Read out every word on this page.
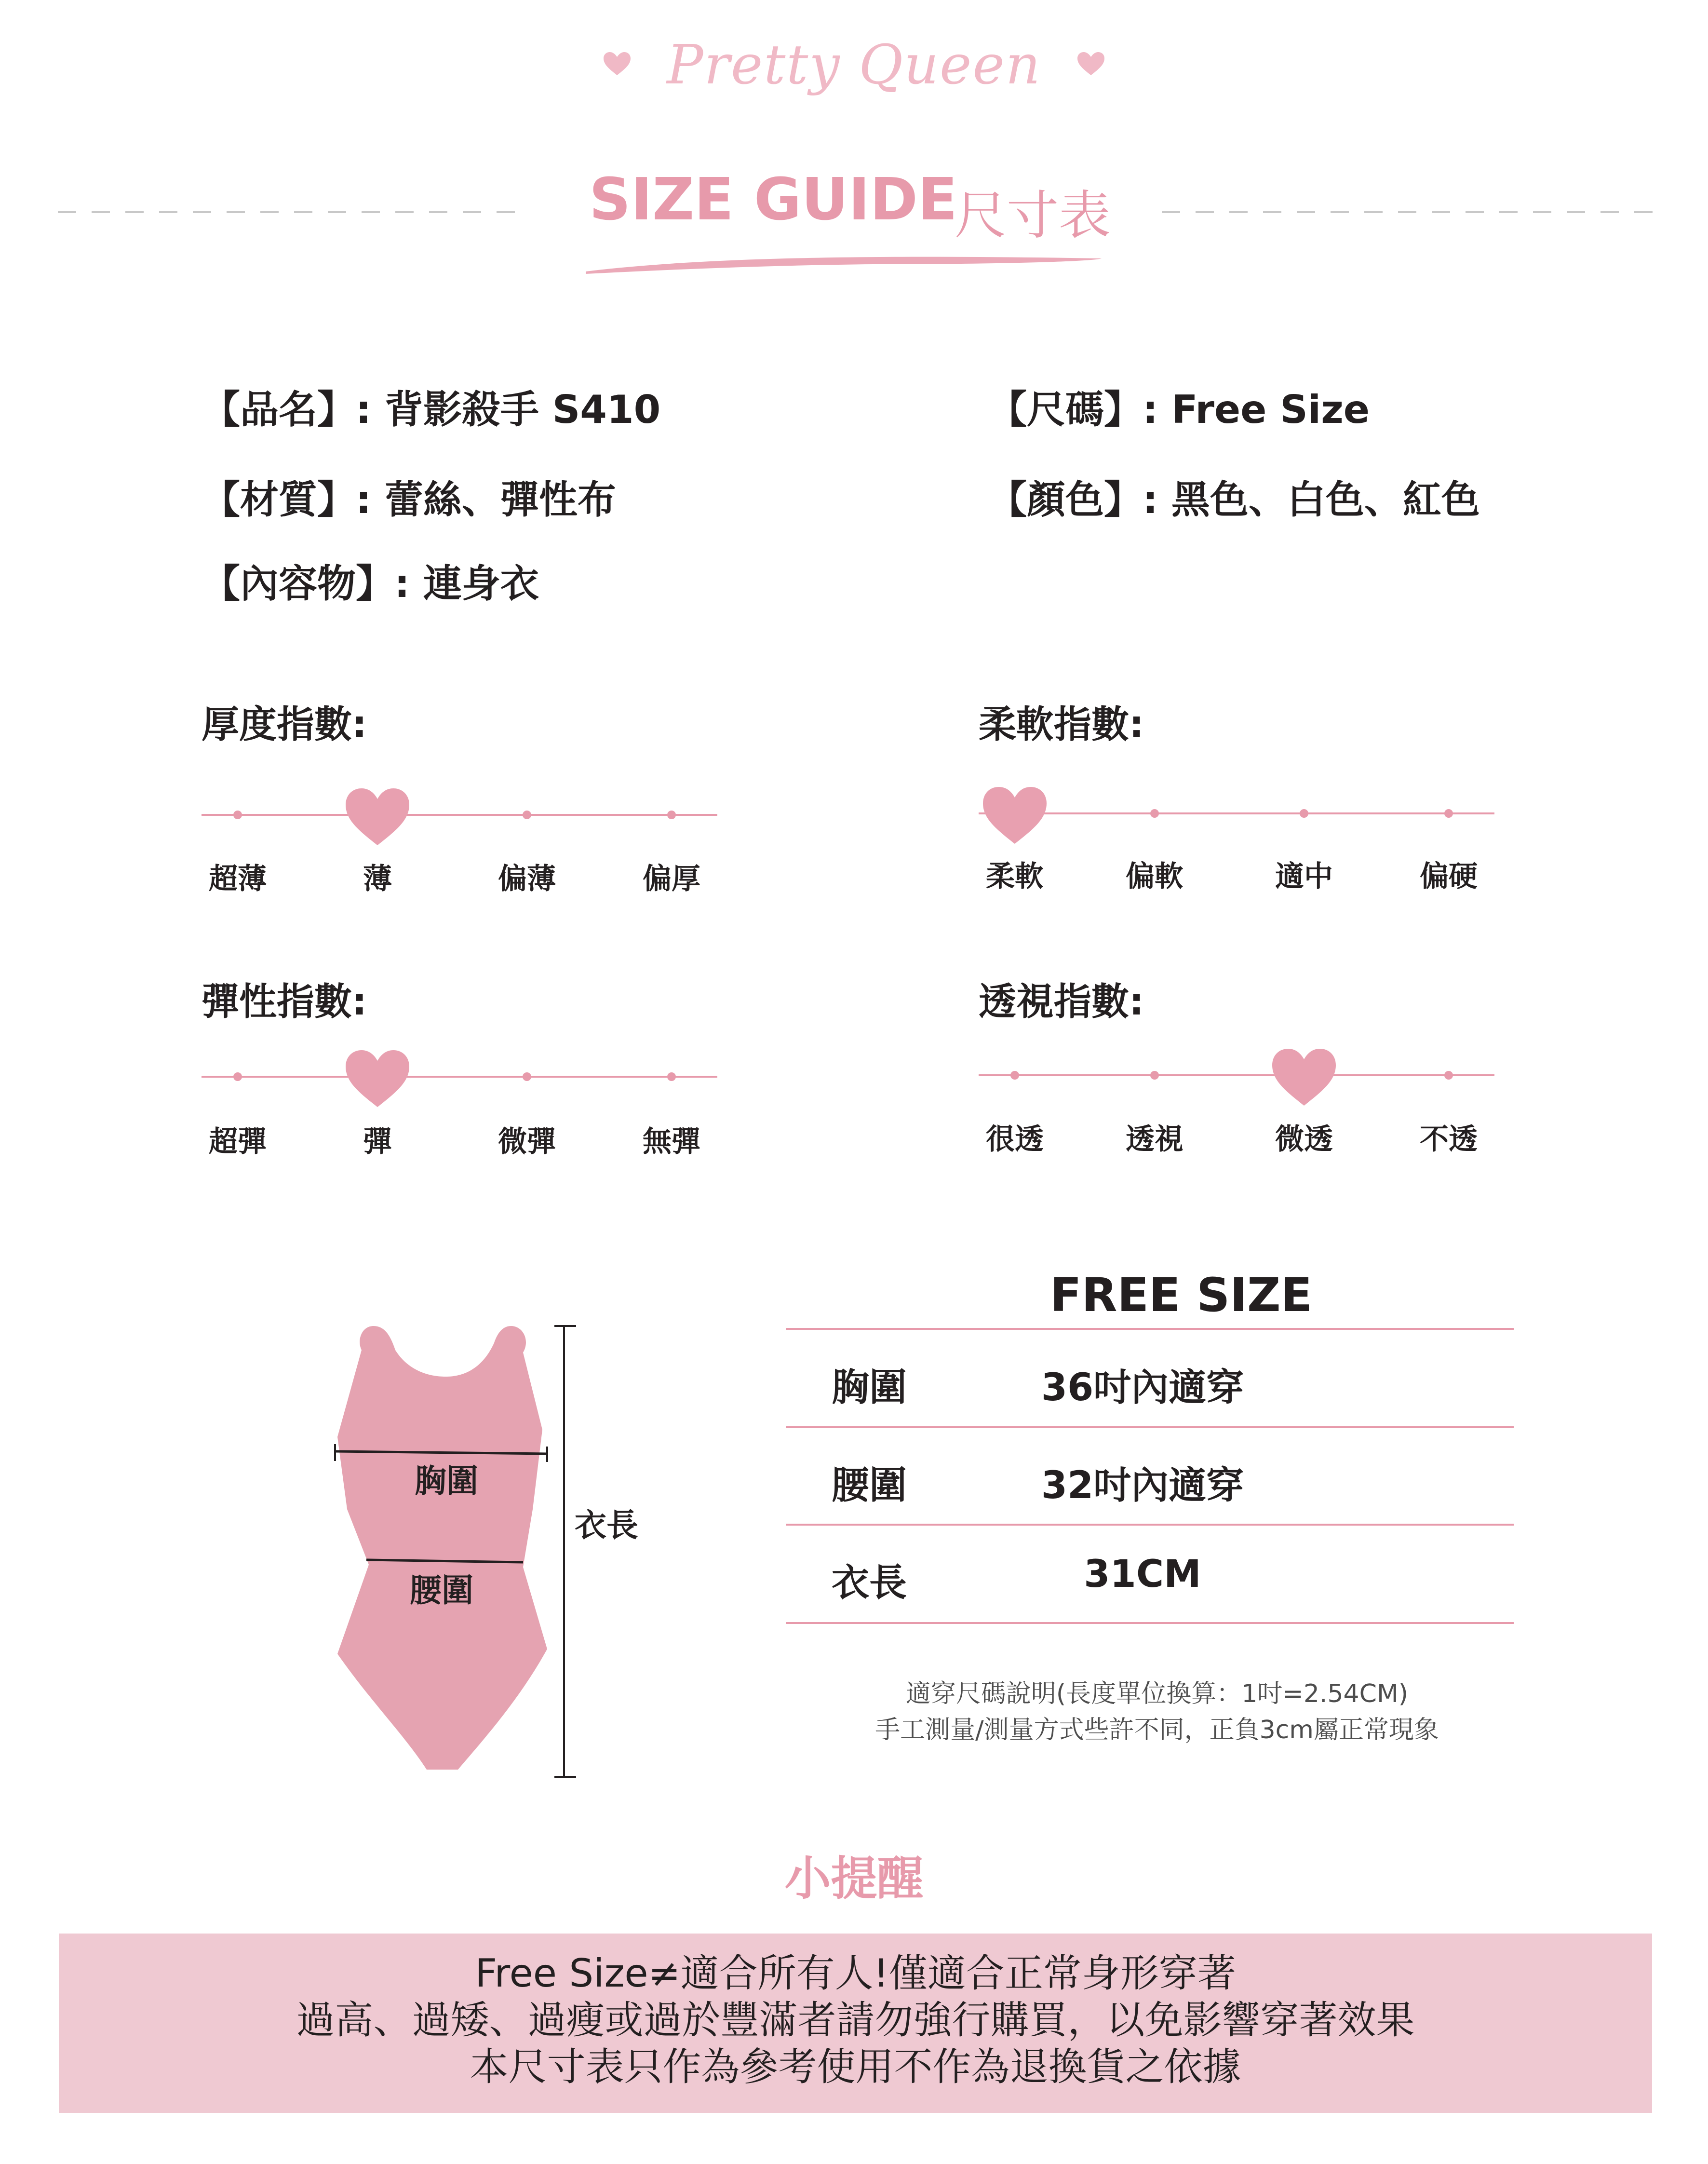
Pretty Queen
SIZE GUIDE
尺寸表
【品名】: 背影殺手 S410	【尺碼】: Free Size
【材質】: 蕾絲、彈性布	【顏色】: 黑色、白色、紅色
【內容物】: 連身衣
厚度指數:
超薄	薄	偏薄	偏厚
柔軟指數:
柔軟	偏軟	適中	偏硬
彈性指數:
超彈	彈	微彈	無彈
透視指數:
很透	透視	微透	不透
胸圍
腰圍
衣長
FREE SIZE
胸圍	36吋內適穿
腰圍	32吋內適穿
衣長	31CM
適穿尺碼說明(長度單位換算：1吋=2.54CM)
手工測量/測量方式些許不同，正負3cm屬正常現象
小提醒
Free Size≠適合所有人!僅適合正常身形穿著
過高、過矮、過瘦或過於豐滿者請勿強行購買，以免影響穿著效果
本尺寸表只作為參考使用不作為退換貨之依據
